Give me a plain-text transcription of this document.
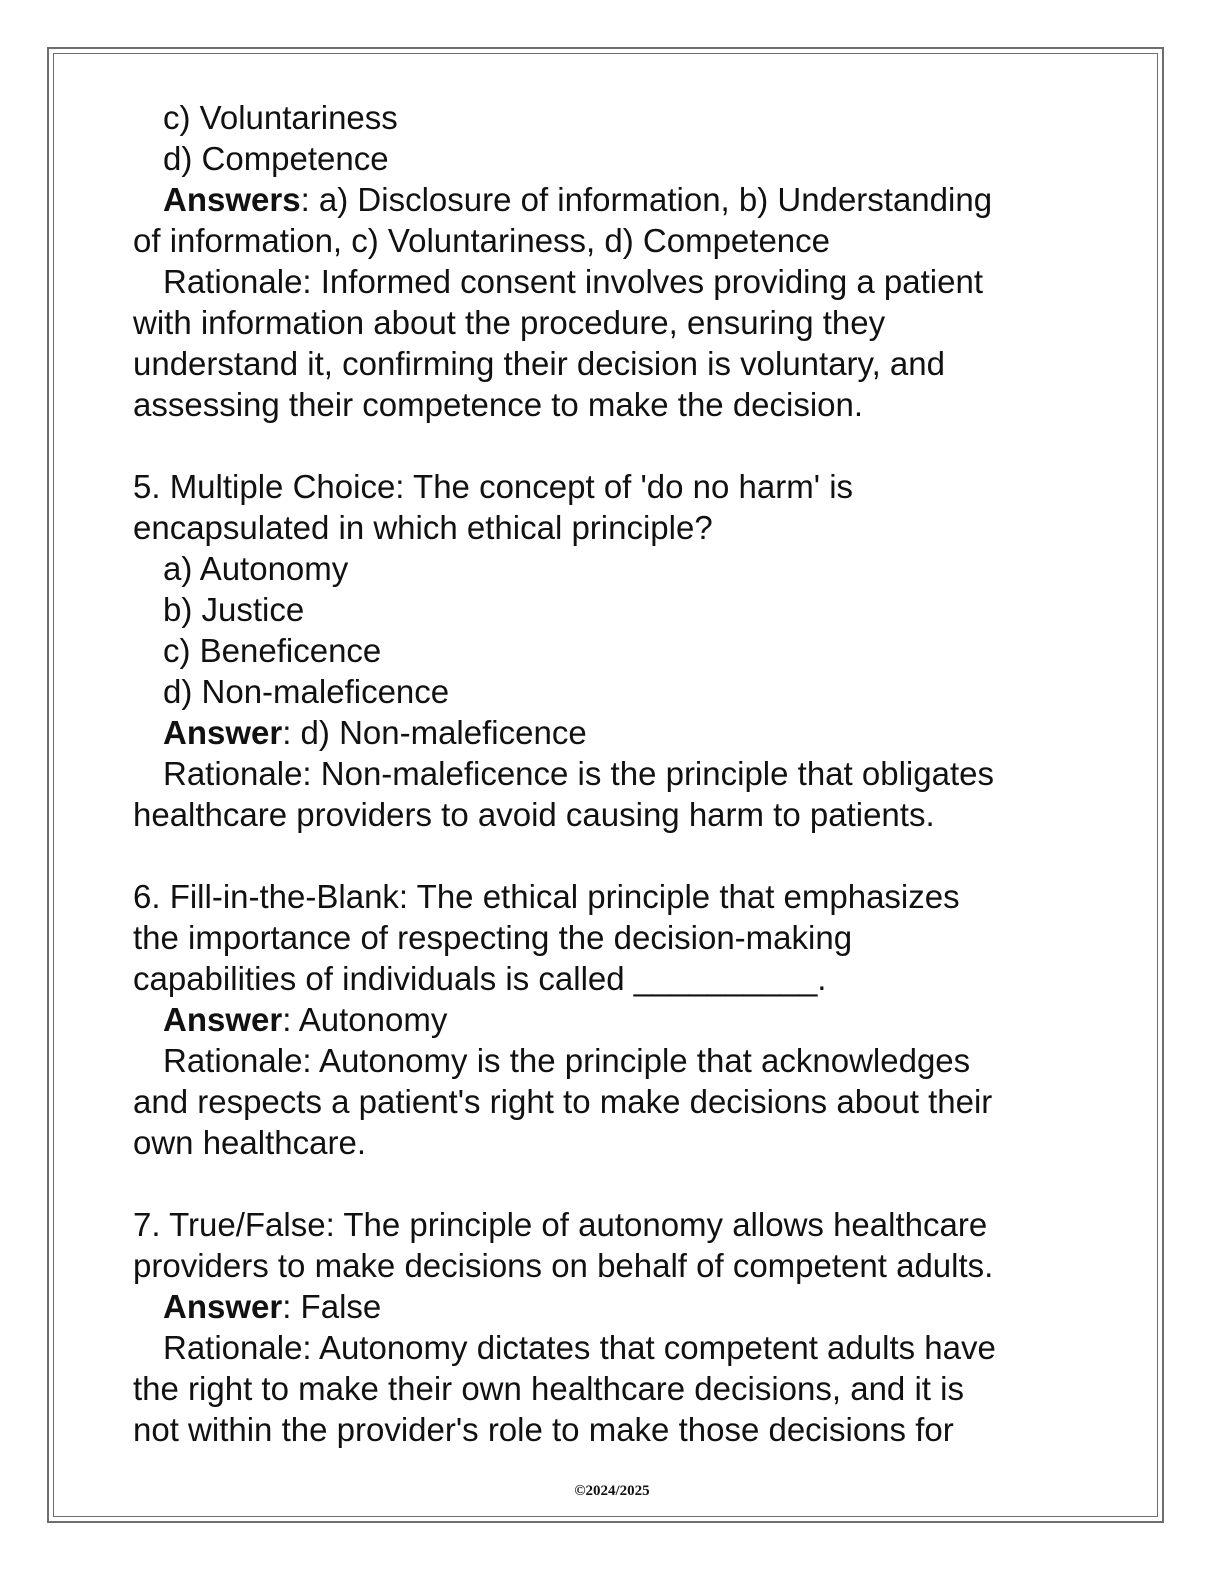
c) Voluntariness
d) Competence
Answers: a) Disclosure of information, b) Understanding
of information, c) Voluntariness, d) Competence
Rationale: Informed consent involves providing a patient
with information about the procedure, ensuring they
understand it, confirming their decision is voluntary, and
assessing their competence to make the decision.
5. Multiple Choice: The concept of 'do no harm' is
encapsulated in which ethical principle?
a) Autonomy
b) Justice
c) Beneficence
d) Non-maleficence
Answer: d) Non-maleficence
Rationale: Non-maleficence is the principle that obligates
healthcare providers to avoid causing harm to patients.
6. Fill-in-the-Blank: The ethical principle that emphasizes
the importance of respecting the decision-making
capabilities of individuals is called __________.
Answer: Autonomy
Rationale: Autonomy is the principle that acknowledges
and respects a patient's right to make decisions about their
own healthcare.
7. True/False: The principle of autonomy allows healthcare
providers to make decisions on behalf of competent adults.
Answer: False
Rationale: Autonomy dictates that competent adults have
the right to make their own healthcare decisions, and it is
not within the provider's role to make those decisions for
©2024/2025
